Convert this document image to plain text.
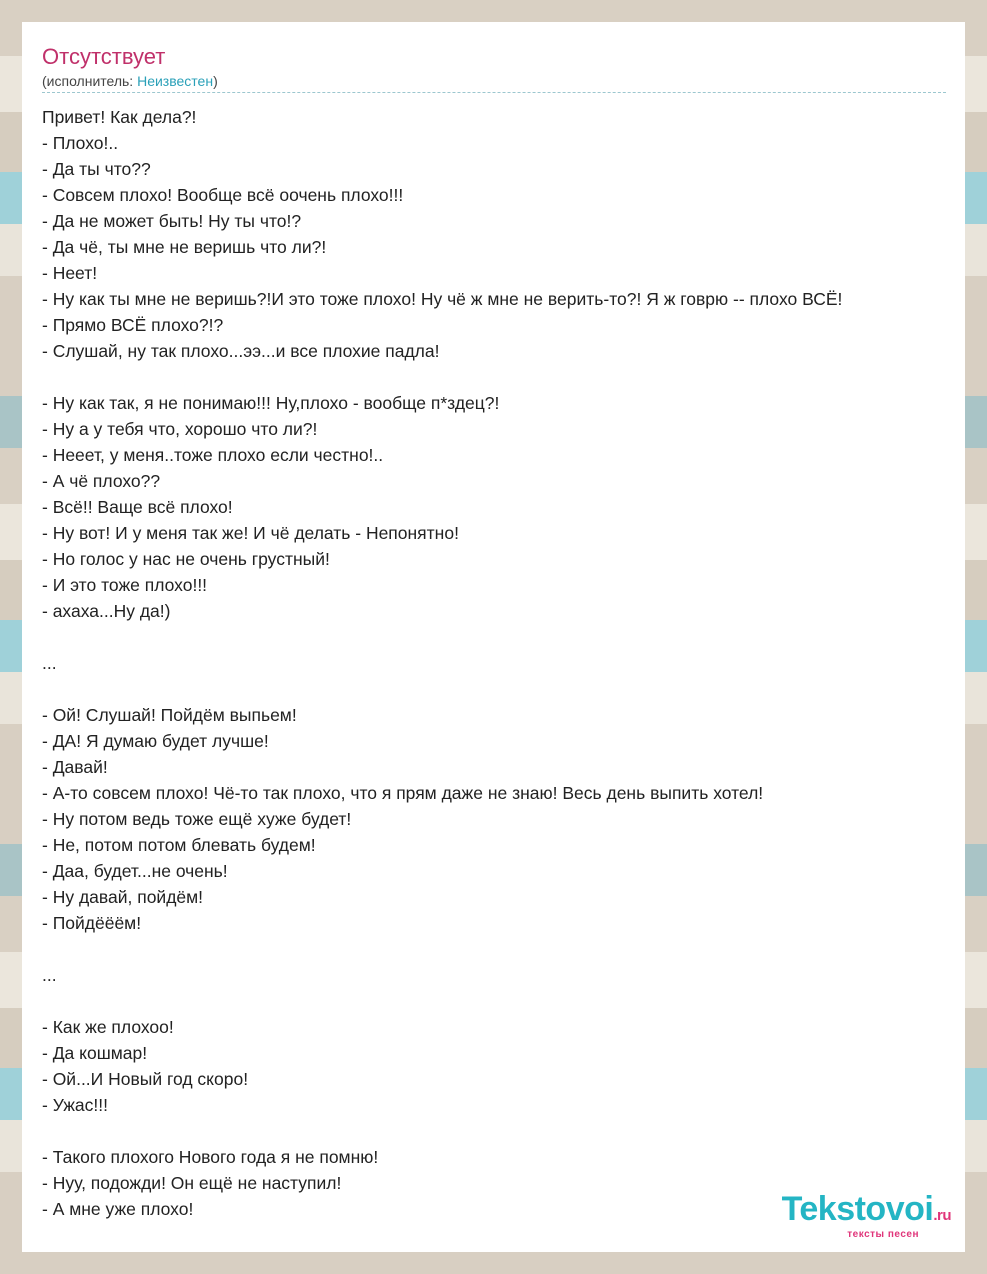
Отсутствует
(исполнитель: Неизвестен)
Привет! Как дела?!
- Плохо!..
- Да ты что??
- Совсем плохо! Вообще всё оочень плохо!!!
- Да не может быть! Ну ты что!?
- Да чё, ты мне не веришь что ли?!
- Неет!
- Ну как ты мне не веришь?!И это тоже плохо! Ну чё ж мне не верить-то?! Я ж говрю -- плохо ВСЁ!
- Прямо ВСЁ плохо?!?
- Слушай, ну так плохо...ээ...и все плохие падла!
- Ну как так, я не понимаю!!! Ну,плохо - вообще п*здец?!
- Ну а у тебя что, хорошо что ли?!
- Нееет, у меня..тоже плохо если честно!..
- А чё плохо??
- Всё!! Ваще всё плохо!
- Ну вот! И у меня так же! И чё делать - Непонятно!
- Но голос у нас не очень грустный!
- И это тоже плохо!!!
- ахаха...Ну да!)
...
- Ой! Слушай! Пойдём выпьем!
- ДА! Я думаю будет лучше!
- Давай!
- А-то совсем плохо! Чё-то так плохо, что я прям даже не знаю! Весь день выпить хотел!
- Ну потом ведь тоже ещё хуже будет!
- Не, потом потом блевать будем!
- Даа, будет...не очень!
- Ну давай, пойдём!
- Пойдёёём!
...
- Как же плохоо!
- Да кошмар!
- Ой...И Новый год скоро!
- Ужас!!!
- Такого плохого Нового года я не помню!
- Нуу, подожди! Он ещё не наступил!
- А мне уже плохо!	Tekstovoi.ru
тексты песен
